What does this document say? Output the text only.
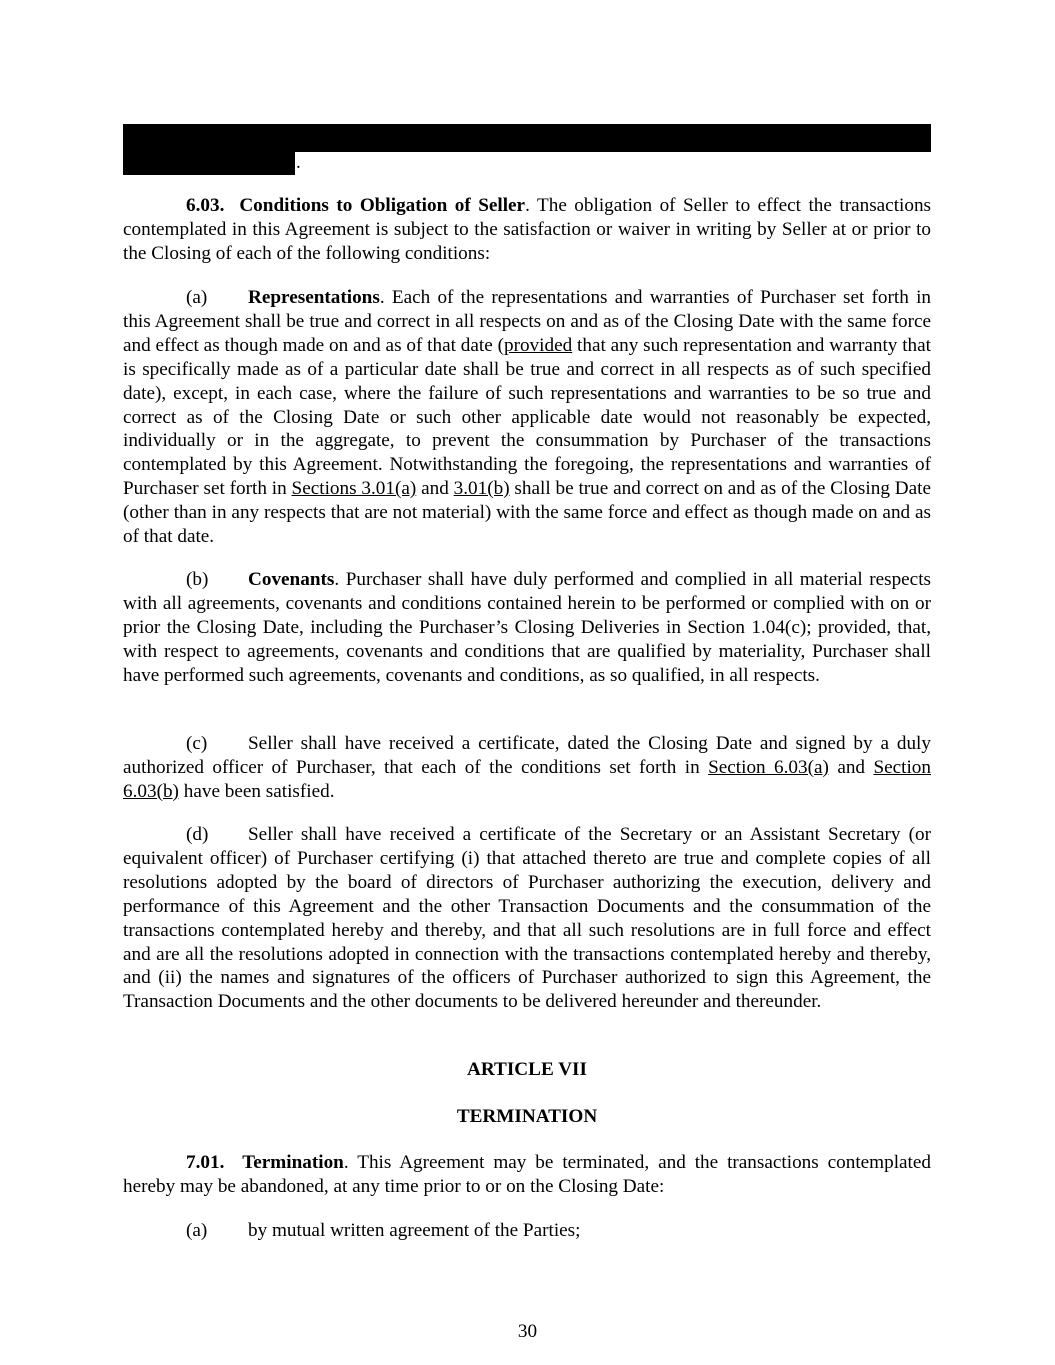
.
6.03. Conditions to Obligation of Seller. The obligation of Seller to effect the transactions contemplated in this Agreement is subject to the satisfaction or waiver in writing by Seller at or prior to the Closing of each of the following conditions:
(a) Representations. Each of the representations and warranties of Purchaser set forth in this Agreement shall be true and correct in all respects on and as of the Closing Date with the same force and effect as though made on and as of that date (provided that any such representation and warranty that is specifically made as of a particular date shall be true and correct in all respects as of such specified date), except, in each case, where the failure of such representations and warranties to be so true and correct as of the Closing Date or such other applicable date would not reasonably be expected, individually or in the aggregate, to prevent the consummation by Purchaser of the transactions contemplated by this Agreement. Notwithstanding the foregoing, the representations and warranties of Purchaser set forth in Sections 3.01(a) and 3.01(b) shall be true and correct on and as of the Closing Date (other than in any respects that are not material) with the same force and effect as though made on and as of that date.
(b) Covenants. Purchaser shall have duly performed and complied in all material respects with all agreements, covenants and conditions contained herein to be performed or complied with on or prior the Closing Date, including the Purchaser’s Closing Deliveries in Section 1.04(c); provided, that, with respect to agreements, covenants and conditions that are qualified by materiality, Purchaser shall have performed such agreements, covenants and conditions, as so qualified, in all respects.
(c) Seller shall have received a certificate, dated the Closing Date and signed by a duly authorized officer of Purchaser, that each of the conditions set forth in Section 6.03(a) and Section 6.03(b) have been satisfied.
(d) Seller shall have received a certificate of the Secretary or an Assistant Secretary (or equivalent officer) of Purchaser certifying (i) that attached thereto are true and complete copies of all resolutions adopted by the board of directors of Purchaser authorizing the execution, delivery and performance of this Agreement and the other Transaction Documents and the consummation of the transactions contemplated hereby and thereby, and that all such resolutions are in full force and effect and are all the resolutions adopted in connection with the transactions contemplated hereby and thereby, and (ii) the names and signatures of the officers of Purchaser authorized to sign this Agreement, the Transaction Documents and the other documents to be delivered hereunder and thereunder.
ARTICLE VII
TERMINATION
7.01. Termination. This Agreement may be terminated, and the transactions contemplated hereby may be abandoned, at any time prior to or on the Closing Date:
(a) by mutual written agreement of the Parties;
30
